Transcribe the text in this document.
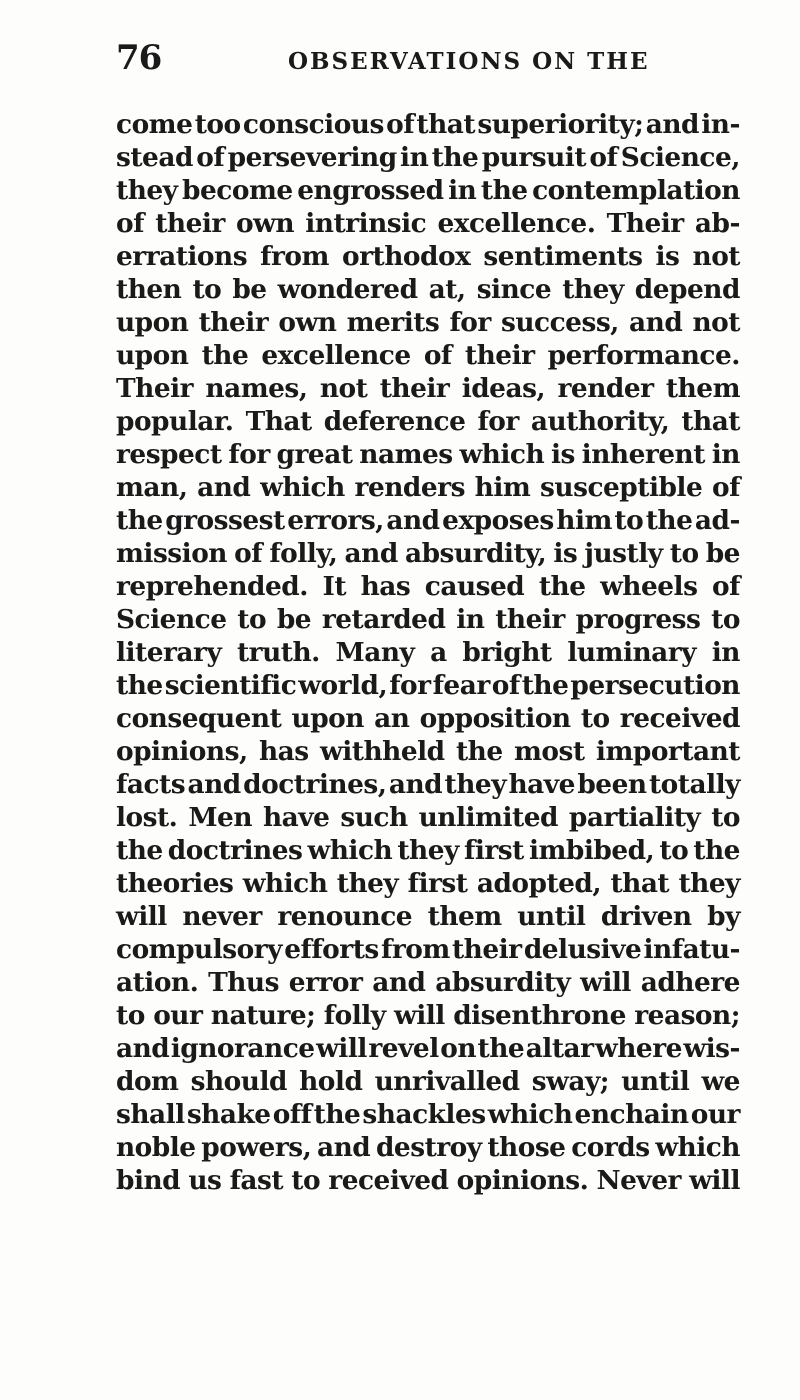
76	OBSERVATIONS ON THE
come too conscious of that superiority; and in-
stead of persevering in the pursuit of Science,
they become engrossed in the contemplation
of their own intrinsic excellence. Their ab-
errations from orthodox sentiments is not
then to be wondered at, since they depend
upon their own merits for success, and not
upon the excellence of their performance.
Their names, not their ideas, render them
popular. That deference for authority, that
respect for great names which is inherent in
man, and which renders him susceptible of
the grossest errors, and exposes him to the ad-
mission of folly, and absurdity, is justly to be
reprehended. It has caused the wheels of
Science to be retarded in their progress to
literary truth. Many a bright luminary in
the scientific world, for fear of the persecution
consequent upon an opposition to received
opinions, has withheld the most important
facts and doctrines, and they have been totally
lost. Men have such unlimited partiality to
the doctrines which they first imbibed, to the
theories which they first adopted, that they
will never renounce them until driven by
compulsory efforts from their delusive infatu-
ation. Thus error and absurdity will adhere
to our nature; folly will disenthrone reason;
and ignorance will revel on the altar where wis-
dom should hold unrivalled sway; until we
shall shake off the shackles which enchain our
noble powers, and destroy those cords which
bind us fast to received opinions. Never will
